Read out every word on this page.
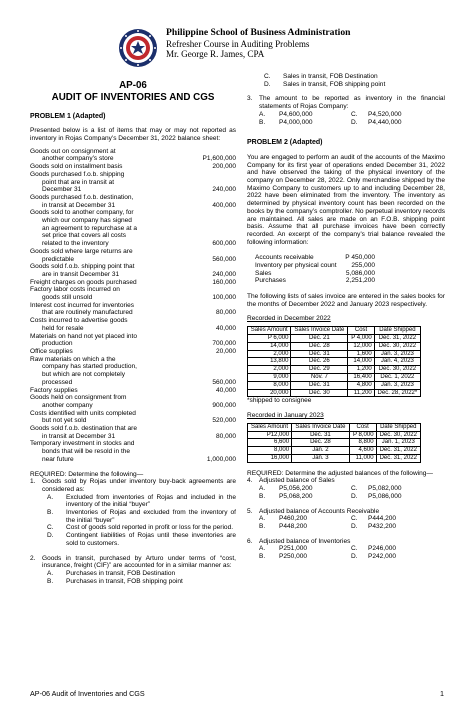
Philippine School of Business Administration
Refresher Course in Auditing Problems
Mr. George R. James, CPA
AP-06
AUDIT OF INVENTORIES AND CGS
PROBLEM 1 (Adapted)

Presented below is a list of items that may or may not reported as inventory in Rojas Company’s December 31, 2022 balance sheet:

Goods out on consignment at
another company’s store	P1,600,000
Goods sold on installment basis	200,000
Goods purchased f.o.b. shipping
point that are in transit at
December 31	240,000
Goods purchased f.o.b. destination,
in transit at December 31	400,000
Goods sold to another company, for
which our company has signed
an agreement to repurchase at a
set price that covers all costs
related to the inventory	600,000
Goods sold where large returns are
predictable	560,000
Goods sold f.o.b. shipping point that
are in transit December 31	240,000
Freight charges on goods purchased	160,000
Factory labor costs incurred on
goods still unsold	100,000
Interest cost incurred for inventories
that are routinely manufactured	80,000
Costs incurred to advertise goods
held for resale	40,000
Materials on hand not yet placed into
production	700,000
Office supplies	20,000
Raw materials on which a the
company has started production,
but which are not completely
processed	560,000
Factory supplies	40,000
Goods held on consignment from
another company	900,000
Costs identified with units completed
but not yet sold	520,000
Goods sold f.o.b. destination that are
in transit at December 31	80,000
Temporary investment in stocks and
bonds that will be resold in the
near future	1,000,000
REQUIRED: Determine the following—
1. Goods sold by Rojas under inventory buy-back agreements are considered as:
A. Excluded from inventories of Rojas and included in the inventory of the initial “buyer”
B. Inventories of Rojas and excluded from the inventory of the initial “buyer”
C. Cost of goods sold reported in profit or loss for the period.
D. Contingent liabilities of Rojas until these inventories are sold to customers.
2. Goods in transit, purchased by Arturo under terms of “cost, insurance, freight (CIF)” are accounted for in a similar manner as:
A. Purchases in transit, FOB Destination
B. Purchases in transit, FOB shipping point
C. Sales in transit, FOB Destination
D. Sales in transit, FOB shipping point
3. The amount to be reported as inventory in the financial statements of Rojas Company:
A. P4,600,000	C. P4,520,000
B. P4,000,000	D. P4,440,000
PROBLEM 2 (Adapted)

You are engaged to perform an audit of the accounts of the Maximo Company for its first year of operations ended December 31, 2022 and have observed the taking of the physical inventory of the company on December 28, 2022. Only merchandise shipped by the Maximo Company to customers up to and including December 28, 2022 have been eliminated from the inventory. The inventory as determined by physical inventory count has been recorded on the books by the company’s comptroller. No perpetual inventory records are maintained. All sales are made on an F.O.B. shipping point basis. Assume that all purchase invoices have been correctly recorded. An excerpt of the company’s trial balance revealed the following information:

Accounts receivable	P 450,000
Inventory per physical count 255,000
Sales	5,086,000
Purchases	2,251,200

The following lists of sales invoice are entered in the sales books for the months of December 2022 and January 2023 respectively.

Recorded in December 2022
Sales Amount	Sales Invoice Date	Cost	Date Shipped
P 6,000	Dec. 21	P 4,000	Dec. 31, 2022
14,000	Dec. 28	12,000	Dec. 30, 2022
2,000	Dec. 31	1,600	Jan. 3, 2023
13,800	Dec. 26	14,000	Jan. 4, 2023
2,000	Dec. 29	1,200	Dec. 30, 2022
9,000	Nov. 7	16,400	Dec. 1, 2022
8,000	Dec. 31	4,800	Jan. 3, 2023
20,000	Dec. 30	11,200	Dec. 28, 2022*
*shipped to consignee
Recorded in January 2023
Sales Amount	Sales Invoice Date	Cost	Date Shipped
P12,000	Dec. 31	P 8,000	Dec. 30, 2022
6,600	Dec. 28	8,800	Jan. 1, 2023
8,000	Jan. 2	4,600	Dec. 31, 2022
16,000	Jan. 3	11,000	Dec. 31, 2022
REQUIRED: Determine the adjusted balances of the following—
4. Adjusted balance of Sales
A. P5,056,200	C. P5,082,000
B. P5,068,200	D. P5,086,000
5. Adjusted balance of Accounts Receivable
A. P460,200	C. P444,200
B. P448,200	D. P432,200
6. Adjusted balance of Inventories
A. P251,000	C. P246,000
B. P250,000	D. P242,000
AP-06 Audit of Inventories and CGS	1
